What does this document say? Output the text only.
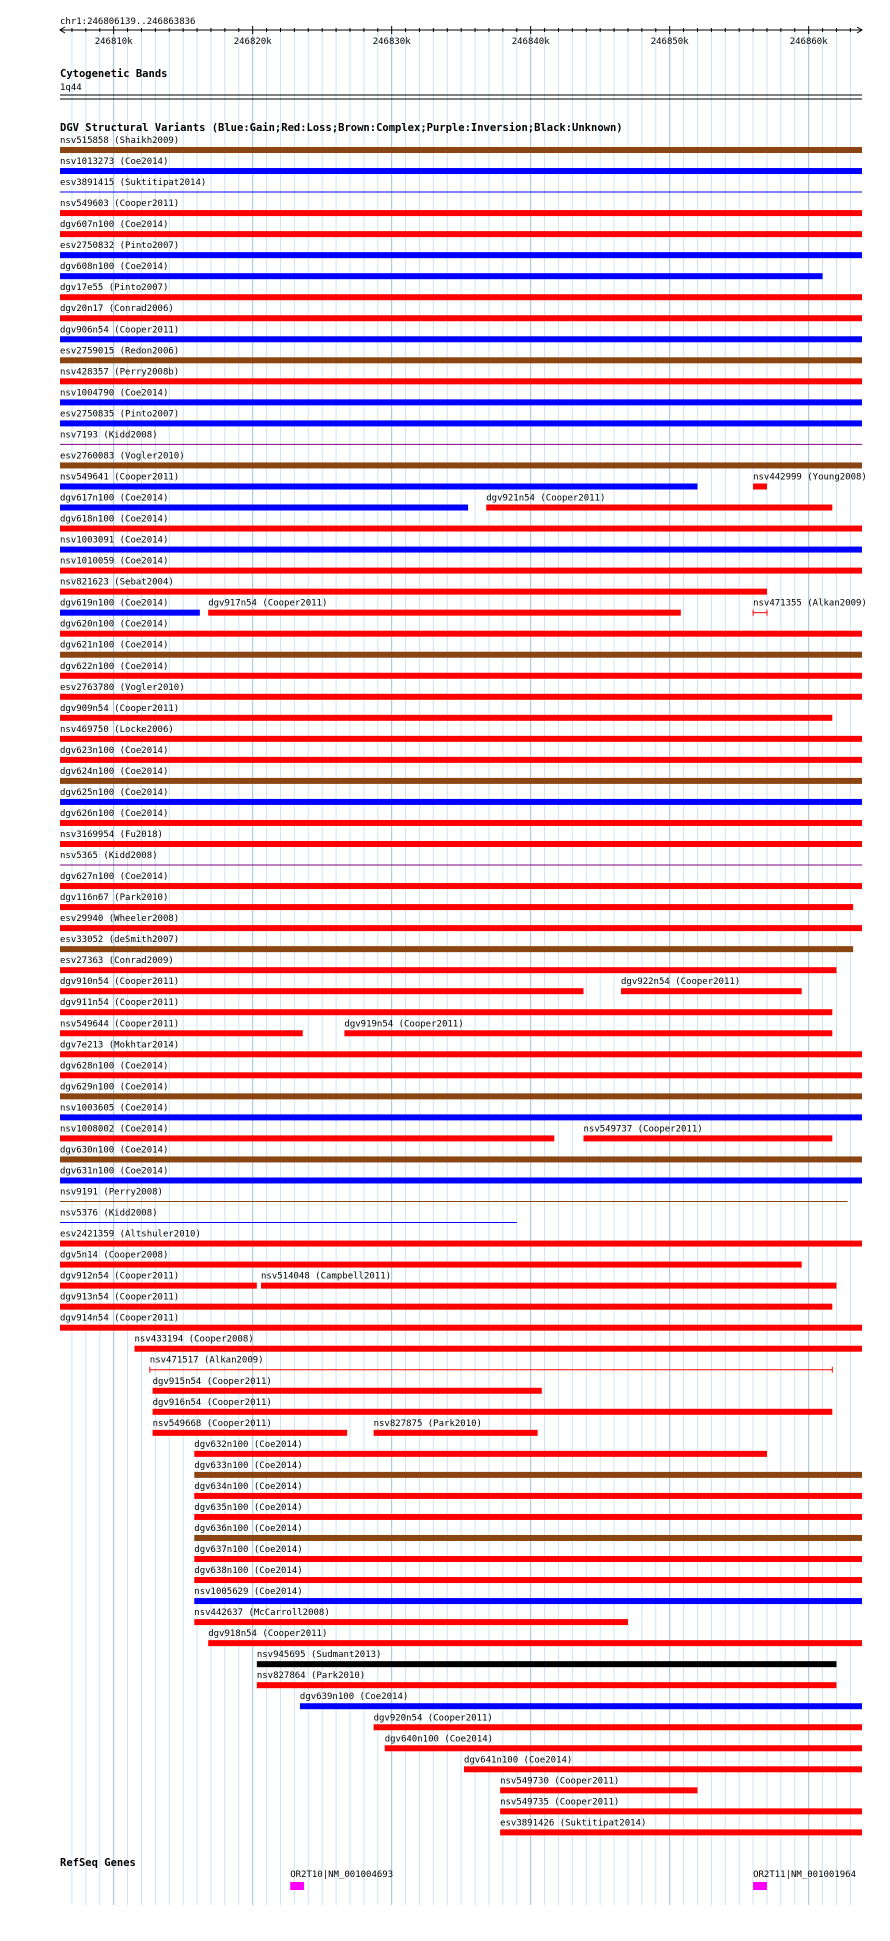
chr1:246806139..246863836
246810k	246820k	246830k	246840k	246850k	246860k
Cytogenetic Bands
1q44
DGV Structural Variants (Blue:Gain;Red:Loss;Brown:Complex;Purple:Inversion;Black:Unknown)
nsv515858 (Shaikh2009)
nsv1013273 (Coe2014)
esv3891415 (Suktitipat2014)
nsv549603 (Cooper2011)
dgv607n100 (Coe2014)
esv2750832 (Pinto2007)
dgv608n100 (Coe2014)
dgv17e55 (Pinto2007)
dgv20n17 (Conrad2006)
dgv906n54 (Cooper2011)
esv2759015 (Redon2006)
nsv428357 (Perry2008b)
nsv1004790 (Coe2014)
esv2750835 (Pinto2007)
nsv7193 (Kidd2008)
esv2760083 (Vogler2010)
nsv549641 (Cooper2011)	nsv442999 (Young2008)
dgv617n100 (Coe2014)	dgv921n54 (Cooper2011)
dgv618n100 (Coe2014)
nsv1003091 (Coe2014)
nsv1010059 (Coe2014)
nsv821623 (Sebat2004)
dgv619n100 (Coe2014)	dgv917n54 (Cooper2011)	nsv471355 (Alkan2009)
dgv620n100 (Coe2014)
dgv621n100 (Coe2014)
dgv622n100 (Coe2014)
esv2763780 (Vogler2010)
dgv909n54 (Cooper2011)
nsv469750 (Locke2006)
dgv623n100 (Coe2014)
dgv624n100 (Coe2014)
dgv625n100 (Coe2014)
dgv626n100 (Coe2014)
nsv3169954 (Fu2018)
nsv5365 (Kidd2008)
dgv627n100 (Coe2014)
dgv116n67 (Park2010)
esv29940 (Wheeler2008)
esv33052 (deSmith2007)
esv27363 (Conrad2009)
dgv910n54 (Cooper2011)	dgv922n54 (Cooper2011)
dgv911n54 (Cooper2011)
nsv549644 (Cooper2011)	dgv919n54 (Cooper2011)
dgv7e213 (Mokhtar2014)
dgv628n100 (Coe2014)
dgv629n100 (Coe2014)
nsv1003605 (Coe2014)
nsv1008002 (Coe2014)	nsv549737 (Cooper2011)
dgv630n100 (Coe2014)
dgv631n100 (Coe2014)
nsv9191 (Perry2008)
nsv5376 (Kidd2008)
esv2421359 (Altshuler2010)
dgv5n14 (Cooper2008)
dgv912n54 (Cooper2011)	nsv514048 (Campbell2011)
dgv913n54 (Cooper2011)
dgv914n54 (Cooper2011)
nsv433194 (Cooper2008)
nsv471517 (Alkan2009)
dgv915n54 (Cooper2011)
dgv916n54 (Cooper2011)
nsv549668 (Cooper2011)	nsv827875 (Park2010)
dgv632n100 (Coe2014)
dgv633n100 (Coe2014)
dgv634n100 (Coe2014)
dgv635n100 (Coe2014)
dgv636n100 (Coe2014)
dgv637n100 (Coe2014)
dgv638n100 (Coe2014)
nsv1005629 (Coe2014)
nsv442637 (McCarroll2008)
dgv918n54 (Cooper2011)
nsv945695 (Sudmant2013)
nsv827864 (Park2010)
dgv639n100 (Coe2014)
dgv920n54 (Cooper2011)
dgv640n100 (Coe2014)
dgv641n100 (Coe2014)
nsv549730 (Cooper2011)
nsv549735 (Cooper2011)
esv3891426 (Suktitipat2014)
RefSeq Genes
OR2T10|NM_001004693	OR2T11|NM_001001964
